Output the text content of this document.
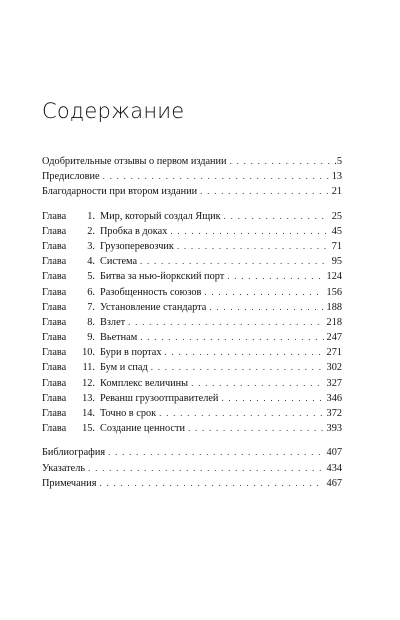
Содержание
Одобрительные отзывы о первом издании . . .	.5
Предисловие . . .	13
Благодарности при втором издании . . .	21
Глава	1. Мир, который создал Ящик . . .	25
Глава	2. Пробка в доках . . .	45
Глава	3. Грузоперевозчик . . .	71
Глава	4. Система . . .	95
Глава	5. Битва за нью-йоркский порт . . .	124
Глава	6. Разобщенность союзов . . .	156
Глава	7. Установление стандарта . . .	188
Глава	8. Взлет . . .	218
Глава	9. Вьетнам . . .	247
Глава	10. Бури в портах . . .	271
Глава	11. Бум и спад . . .	302
Глава	12. Комплекс величины . . .	327
Глава	13. Реванш грузоотправителей . . .	346
Глава	14. Точно в срок . . .	372
Глава	15. Создание ценности . . .	393
Библиография . . .	407
Указатель . . .	434
Примечания . . .	467
